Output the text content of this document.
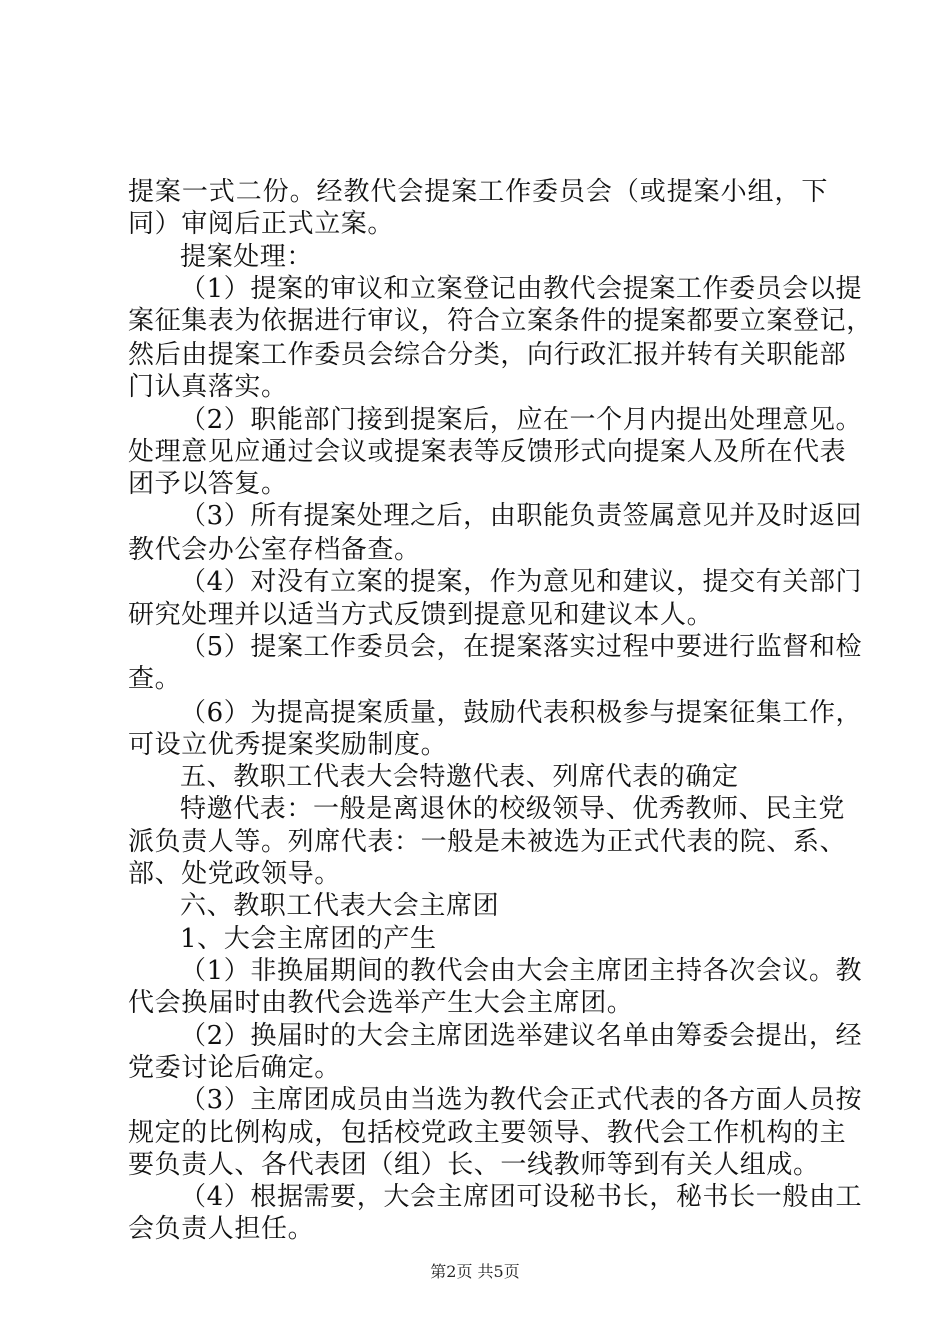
提案一式二份。经教代会提案工作委员会（或提案小组，下
同）审阅后正式立案。
提案处理：
（1）提案的审议和立案登记由教代会提案工作委员会以提
案征集表为依据进行审议，符合立案条件的提案都要立案登记，
然后由提案工作委员会综合分类，向行政汇报并转有关职能部
门认真落实。
（2）职能部门接到提案后，应在一个月内提出处理意见。
处理意见应通过会议或提案表等反馈形式向提案人及所在代表
团予以答复。
（3）所有提案处理之后，由职能负责签属意见并及时返回
教代会办公室存档备查。
（4）对没有立案的提案，作为意见和建议，提交有关部门
研究处理并以适当方式反馈到提意见和建议本人。
（5）提案工作委员会，在提案落实过程中要进行监督和检
查。
（6）为提高提案质量，鼓励代表积极参与提案征集工作，
可设立优秀提案奖励制度。
五、教职工代表大会特邀代表、列席代表的确定
特邀代表：一般是离退休的校级领导、优秀教师、民主党
派负责人等。列席代表：一般是未被选为正式代表的院、系、
部、处党政领导。
六、教职工代表大会主席团
1、大会主席团的产生
（1）非换届期间的教代会由大会主席团主持各次会议。教
代会换届时由教代会选举产生大会主席团。
（2）换届时的大会主席团选举建议名单由筹委会提出，经
党委讨论后确定。
（3）主席团成员由当选为教代会正式代表的各方面人员按
规定的比例构成，包括校党政主要领导、教代会工作机构的主
要负责人、各代表团（组）长、一线教师等到有关人组成。
（4）根据需要，大会主席团可设秘书长，秘书长一般由工
会负责人担任。
第2页 共5页
